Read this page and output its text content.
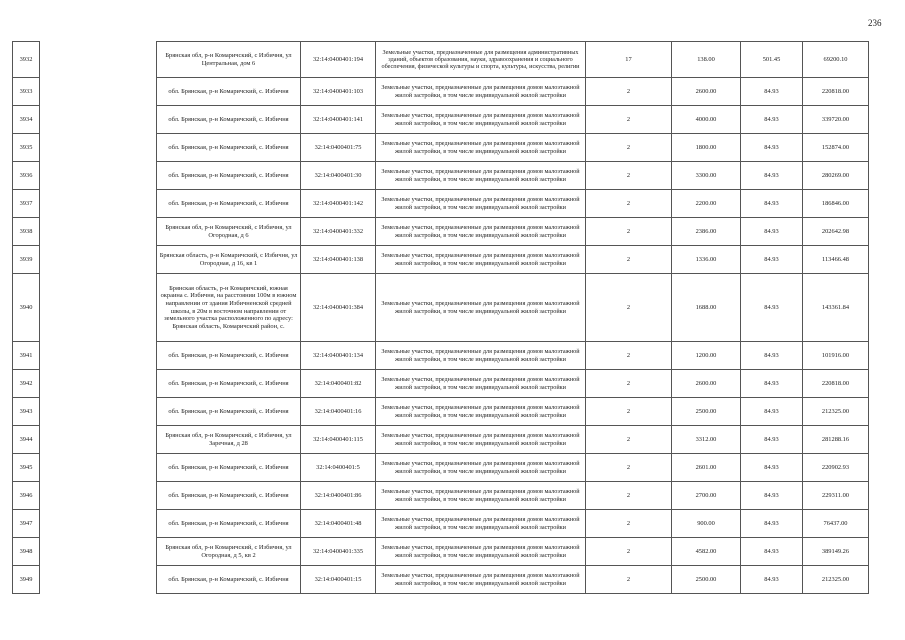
236
3932		Брянская обл, р-н Комаричский, с Избичня, ул Центральная, дом 6	32:14:0400401:194	Земельные участки, предназначенные для размещения административных зданий, объектов образования, науки, здравоохранения и социального обеспечения, физической культуры и спорта, культуры, искусства, религии	17	138.00	501.45	69200.10
3933		обл. Брянская, р-н Комаричский, с. Избичня	32:14:0400401:103	Земельные участки, предназначенные для размещения домов малоэтажной жилой застройки, в том числе индивидуальной жилой застройки	2	2600.00	84.93	220818.00
3934		обл. Брянская, р-н Комаричский, с. Избичня	32:14:0400401:141	Земельные участки, предназначенные для размещения домов малоэтажной жилой застройки, в том числе индивидуальной жилой застройки	2	4000.00	84.93	339720.00
3935		обл. Брянская, р-н Комаричский, с. Избичня	32:14:0400401:75	Земельные участки, предназначенные для размещения домов малоэтажной жилой застройки, в том числе индивидуальной жилой застройки	2	1800.00	84.93	152874.00
3936		обл. Брянская, р-н Комаричский, с. Избичня	32:14:0400401:30	Земельные участки, предназначенные для размещения домов малоэтажной жилой застройки, в том числе индивидуальной жилой застройки	2	3300.00	84.93	280269.00
3937		обл. Брянская, р-н Комаричский, с. Избичня	32:14:0400401:142	Земельные участки, предназначенные для размещения домов малоэтажной жилой застройки, в том числе индивидуальной жилой застройки	2	2200.00	84.93	186846.00
3938		Брянская обл, р-н Комаричский, с Избичня, ул Огородная, д 6	32:14:0400401:332	Земельные участки, предназначенные для размещения домов малоэтажной жилой застройки, в том числе индивидуальной жилой застройки	2	2386.00	84.93	202642.98
3939		Брянская область, р-н Комаричский, с Избичня, ул Огородная, д 16, кв 1	32:14:0400401:138	Земельные участки, предназначенные для размещения домов малоэтажной жилой застройки, в том числе индивидуальной жилой застройки	2	1336.00	84.93	113466.48
3940		Брянская область, р-н Комаричский, южная окраина с. Избичня, на расстоянии 100м в южном направлении от здания Избичненской средней школы, в 20м в восточном направлении от земельного участка расположенного по адресу: Брянская область, Комаричский район, с.	32:14:0400401:384	Земельные участки, предназначенные для размещения домов малоэтажной жилой застройки, в том числе индивидуальной жилой застройки	2	1688.00	84.93	143361.84
3941		обл. Брянская, р-н Комаричский, с. Избичня	32:14:0400401:134	Земельные участки, предназначенные для размещения домов малоэтажной жилой застройки, в том числе индивидуальной жилой застройки	2	1200.00	84.93	101916.00
3942		обл. Брянская, р-н Комаричский, с. Избичня	32:14:0400401:82	Земельные участки, предназначенные для размещения домов малоэтажной жилой застройки, в том числе индивидуальной жилой застройки	2	2600.00	84.93	220818.00
3943		обл. Брянская, р-н Комаричский, с. Избичня	32:14:0400401:16	Земельные участки, предназначенные для размещения домов малоэтажной жилой застройки, в том числе индивидуальной жилой застройки	2	2500.00	84.93	212325.00
3944		Брянская обл, р-н Комаричский, с Избичня, ул Заречная, д 28	32:14:0400401:115	Земельные участки, предназначенные для размещения домов малоэтажной жилой застройки, в том числе индивидуальной жилой застройки	2	3312.00	84.93	281288.16
3945		обл. Брянская, р-н Комаричский, с. Избичня	32:14:0400401:5	Земельные участки, предназначенные для размещения домов малоэтажной жилой застройки, в том числе индивидуальной жилой застройки	2	2601.00	84.93	220902.93
3946		обл. Брянская, р-н Комаричский, с. Избичня	32:14:0400401:86	Земельные участки, предназначенные для размещения домов малоэтажной жилой застройки, в том числе индивидуальной жилой застройки	2	2700.00	84.93	229311.00
3947		обл. Брянская, р-н Комаричский, с. Избичня	32:14:0400401:48	Земельные участки, предназначенные для размещения домов малоэтажной жилой застройки, в том числе индивидуальной жилой застройки	2	900.00	84.93	76437.00
3948		Брянская обл, р-н Комаричский, с Избичня, ул Огородная, д 5, кв 2	32:14:0400401:335	Земельные участки, предназначенные для размещения домов малоэтажной жилой застройки, в том числе индивидуальной жилой застройки	2	4582.00	84.93	389149.26
3949		обл. Брянская, р-н Комаричский, с. Избичня	32:14:0400401:15	Земельные участки, предназначенные для размещения домов малоэтажной жилой застройки, в том числе индивидуальной жилой застройки	2	2500.00	84.93	212325.00
